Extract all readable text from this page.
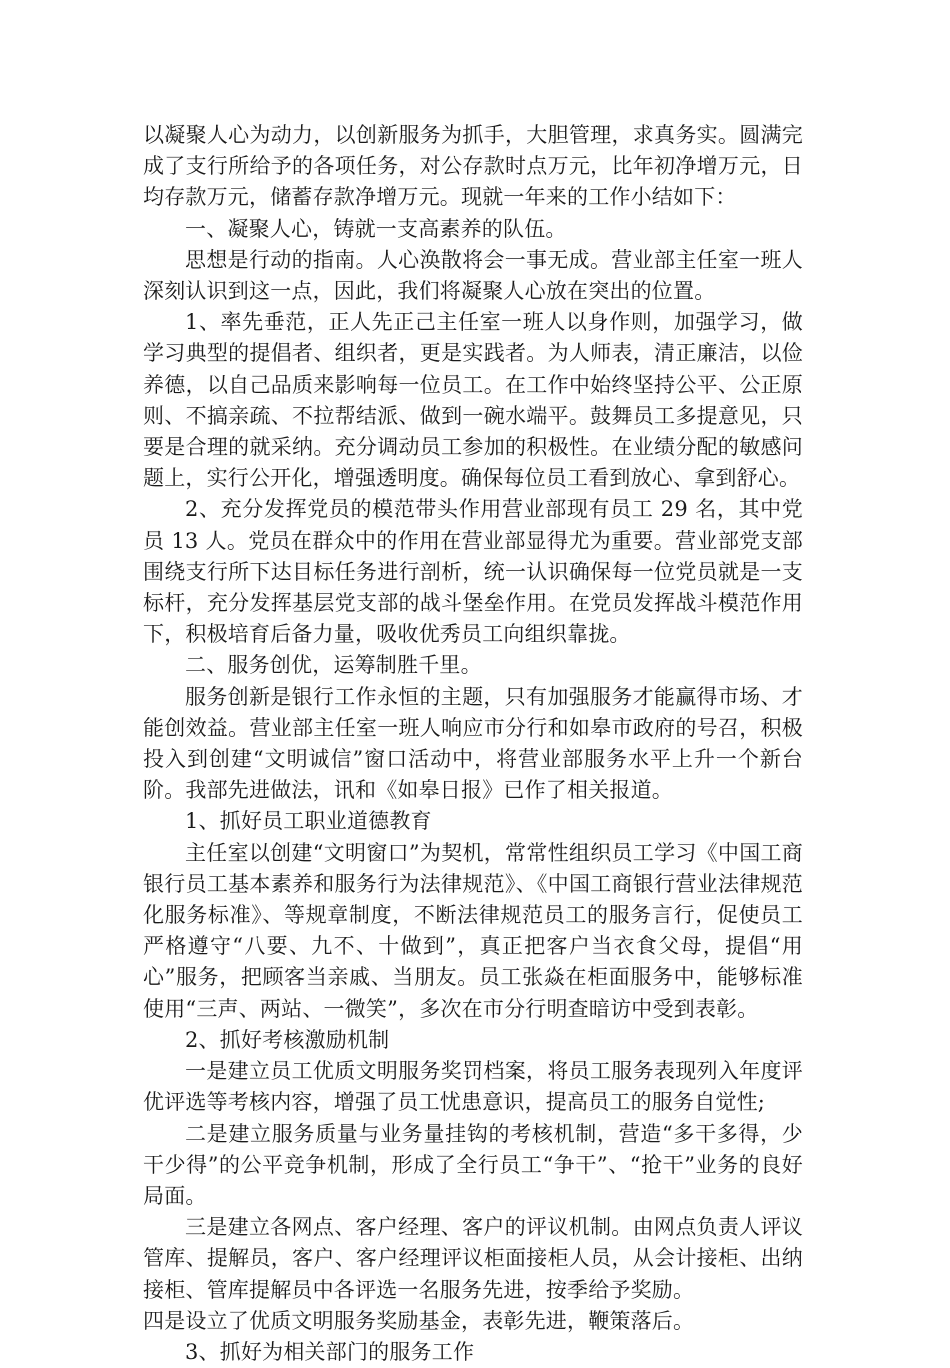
以凝聚人心为动力，以创新服务为抓手，大胆管理，求真务实。圆满完成了支行所给予的各项任务，对公存款时点万元，比年初净增万元，日均存款万元，储蓄存款净增万元。现就一年来的工作小结如下：

一、凝聚人心，铸就一支高素养的队伍。

思想是行动的指南。人心涣散将会一事无成。营业部主任室一班人深刻认识到这一点，因此，我们将凝聚人心放在突出的位置。

1、率先垂范，正人先正己主任室一班人以身作则，加强学习，做学习典型的提倡者、组织者，更是实践者。为人师表，清正廉洁，以俭养德，以自己品质来影响每一位员工。在工作中始终坚持公平、公正原则、不搞亲疏、不拉帮结派、做到一碗水端平。鼓舞员工多提意见，只要是合理的就采纳。充分调动员工参加的积极性。在业绩分配的敏感问题上，实行公开化，增强透明度。确保每位员工看到放心、拿到舒心。

2、充分发挥党员的模范带头作用营业部现有员工 29 名，其中党员 13 人。党员在群众中的作用在营业部显得尤为重要。营业部党支部围绕支行所下达目标任务进行剖析，统一认识确保每一位党员就是一支标杆，充分发挥基层党支部的战斗堡垒作用。在党员发挥战斗模范作用下，积极培育后备力量，吸收优秀员工向组织靠拢。

二、服务创优，运筹制胜千里。

服务创新是银行工作永恒的主题，只有加强服务才能赢得市场、才能创效益。营业部主任室一班人响应市分行和如皋市政府的号召，积极投入到创建“文明诚信”窗口活动中，将营业部服务水平上升一个新台阶。我部先进做法，讯和《如皋日报》已作了相关报道。

1、抓好员工职业道德教育

主任室以创建“文明窗口”为契机，常常性组织员工学习《中国工商银行员工基本素养和服务行为法律规范》、《中国工商银行营业法律规范化服务标准》、等规章制度，不断法律规范员工的服务言行，促使员工严格遵守“八要、九不、十做到”，真正把客户当衣食父母，提倡“用心”服务，把顾客当亲戚、当朋友。员工张焱在柜面服务中，能够标准使用“三声、两站、一微笑”，多次在市分行明查暗访中受到表彰。

2、抓好考核激励机制

一是建立员工优质文明服务奖罚档案，将员工服务表现列入年度评优评选等考核内容，增强了员工忧患意识，提高员工的服务自觉性;

二是建立服务质量与业务量挂钩的考核机制，营造“多干多得，少干少得”的公平竞争机制，形成了全行员工“争干”、“抢干”业务的良好局面。

三是建立各网点、客户经理、客户的评议机制。由网点负责人评议管库、提解员，客户、客户经理评议柜面接柜人员，从会计接柜、出纳接柜、管库提解员中各评选一名服务先进，按季给予奖励。

四是设立了优质文明服务奖励基金，表彰先进，鞭策落后。

3、抓好为相关部门的服务工作
